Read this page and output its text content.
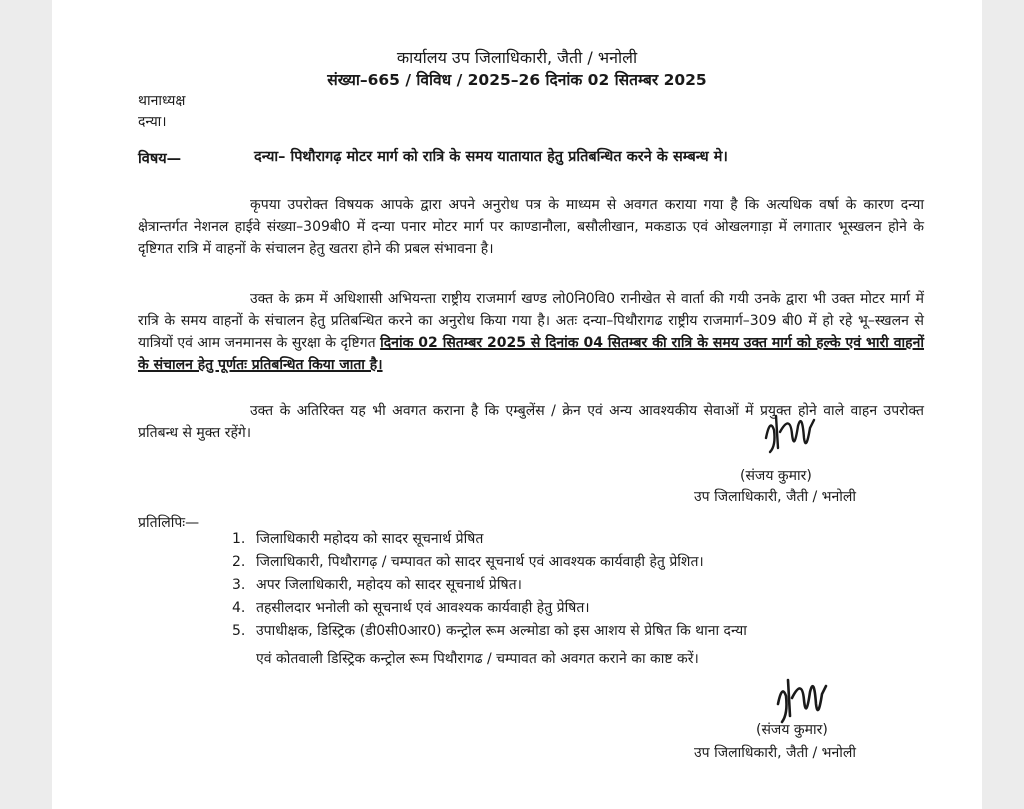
कार्यालय उप जिलाधिकारी, जैती / भनोली
संख्या–665 / विविध / 2025–26 दिनांक 02 सितम्बर 2025
थानाध्यक्ष
दन्या।
विषय—	दन्या– पिथौरागढ़ मोटर मार्ग को रात्रि के समय यातायात हेतु प्रतिबन्धित करने के सम्बन्ध मे।
कृपया उपरोक्त विषयक आपके द्वारा अपने अनुरोध पत्र के माध्यम से अवगत कराया गया है कि अत्यधिक वर्षा के कारण दन्या क्षेत्रान्तर्गत नेशनल हाईवे संख्या–309बी0 में दन्या पनार मोटर मार्ग पर काण्डानौला, बसौलीखान, मकडाऊ एवं ओखलगाड़ा में लगातार भूस्खलन होने के दृष्टिगत रात्रि में वाहनों के संचालन हेतु खतरा होने की प्रबल संभावना है।
उक्त के क्रम में अधिशासी अभियन्ता राष्ट्रीय राजमार्ग खण्ड लो0नि0वि0 रानीखेत से वार्ता की गयी उनके द्वारा भी उक्त मोटर मार्ग में रात्रि के समय वाहनों के संचालन हेतु प्रतिबन्धित करने का अनुरोध किया गया है। अतः दन्या–पिथौरागढ राष्ट्रीय राजमार्ग–309 बी0 में हो रहे भू–स्खलन से यात्रियों एवं आम जनमानस के सुरक्षा के दृष्टिगत दिनांक 02 सितम्बर 2025 से दिनांक 04 सितम्बर की रात्रि के समय उक्त मार्ग को हल्के एवं भारी वाहनों के संचालन हेतु पूर्णतः प्रतिबन्धित किया जाता है।
उक्त के अतिरिक्त यह भी अवगत कराना है कि एम्बुलेंस / क्रेन एवं अन्य आवश्यकीय सेवाओं में प्रयुक्त होने वाले वाहन उपरोक्त प्रतिबन्ध से मुक्त रहेंगे।
(संजय कुमार)
उप जिलाधिकारी, जैती / भनोली
प्रतिलिपिः—
1. जिलाधिकारी महोदय को सादर सूचनार्थ प्रेषित
2. जिलाधिकारी, पिथौरागढ़ / चम्पावत को सादर सूचनार्थ एवं आवश्यक कार्यवाही हेतु प्रेशित।
3. अपर जिलाधिकारी, महोदय को सादर सूचनार्थ प्रेषित।
4. तहसीलदार भनोली को सूचनार्थ एवं आवश्यक कार्यवाही हेतु प्रेषित।
5. उपाधीक्षक, डिस्ट्रिक (डी0सी0आर0) कन्ट्रोल रूम अल्मोडा को इस आशय से प्रेषित कि थाना दन्या
एवं कोतवाली डिस्ट्रिक कन्ट्रोल रूम पिथौरागढ / चम्पावत को अवगत कराने का काष्ट करें।
(संजय कुमार)
उप जिलाधिकारी, जैती / भनोली
